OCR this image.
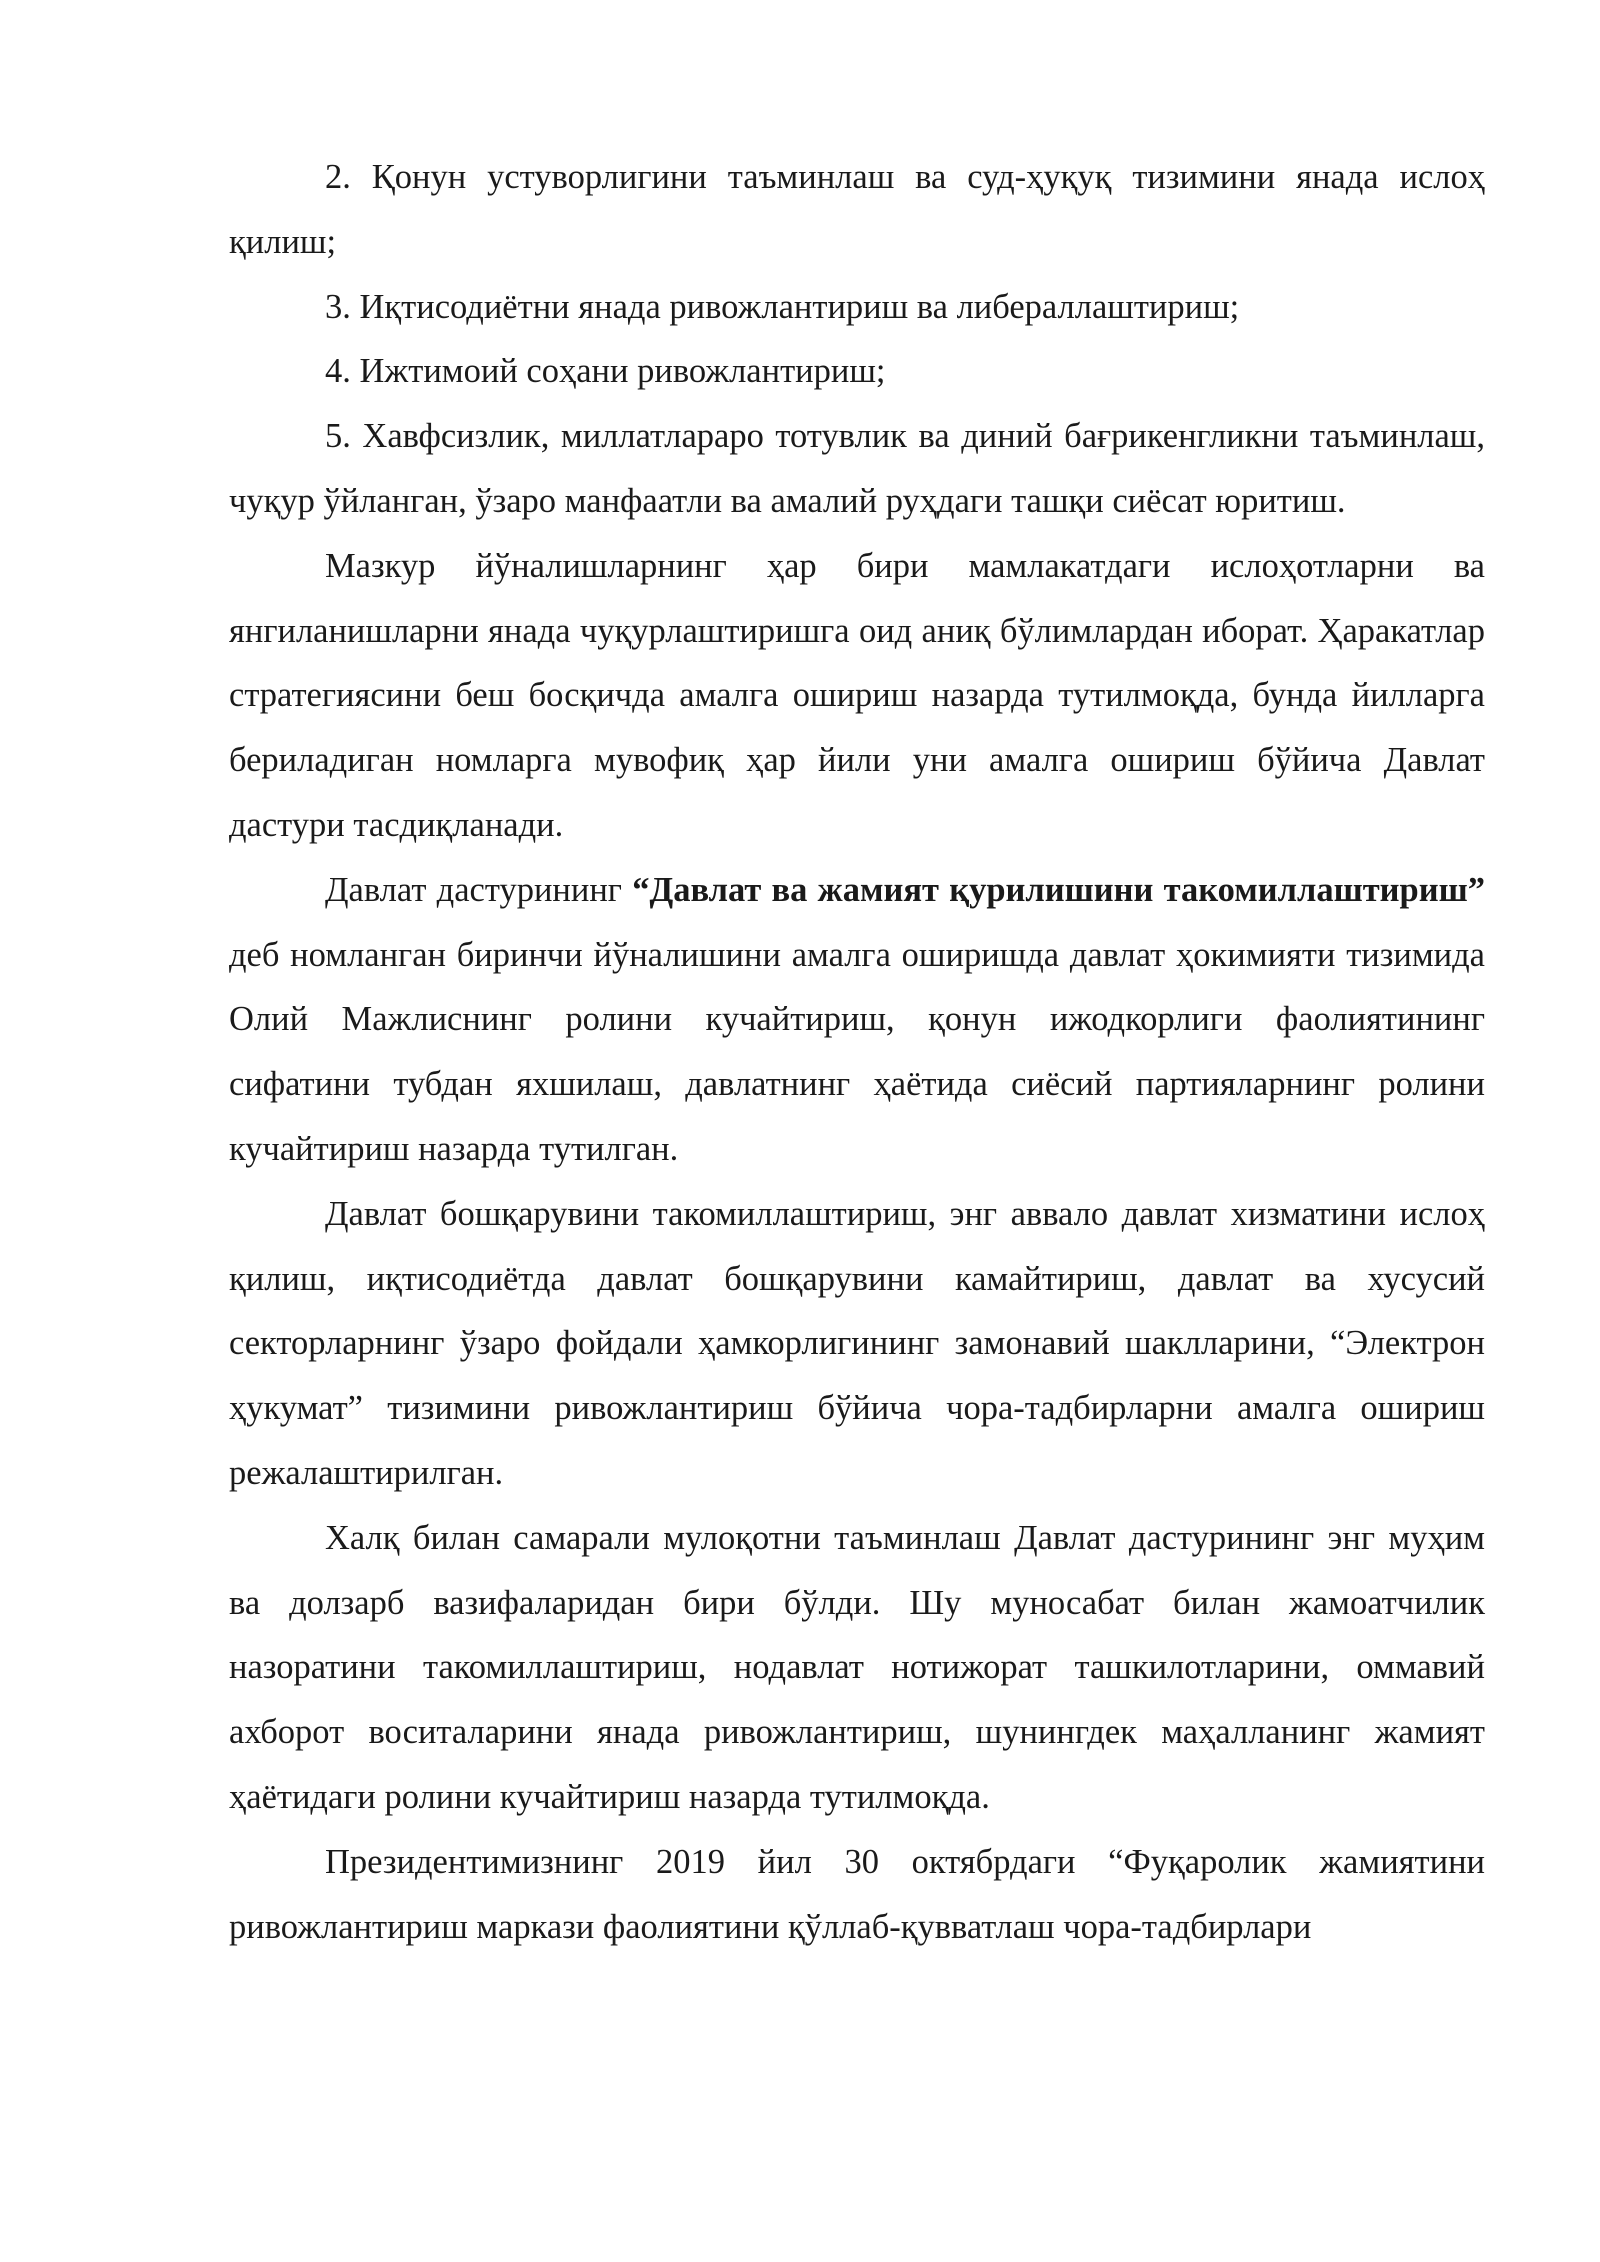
2. Қонун устуворлигини таъминлаш ва суд-ҳуқуқ тизимини янада ислоҳ қилиш;

3. Иқтисодиётни янада ривожлантириш ва либераллаштириш;

4. Ижтимоий соҳани ривожлантириш;

5. Хавфсизлик, миллатлараро тотувлик ва диний бағрикенгликни таъминлаш, чуқур ўйланган, ўзаро манфаатли ва амалий руҳдаги ташқи сиёсат юритиш.

Мазкур йўналишларнинг ҳар бири мамлакатдаги ислоҳотларни ва янгиланишларни янада чуқурлаштиришга оид аниқ бўлимлардан иборат. Ҳаракатлар стратегиясини беш босқичда амалга ошириш назарда тутилмоқда, бунда йилларга бериладиган номларга мувофиқ ҳар йили уни амалга ошириш бўйича Давлат дастури тасдиқланади.

Давлат дастурининг “Давлат ва жамият қурилишини такомиллаштириш” деб номланган биринчи йўналишини амалга оширишда давлат ҳокимияти тизимида Олий Мажлиснинг ролини кучайтириш, қонун ижодкорлиги фаолиятининг сифатини тубдан яхшилаш, давлатнинг ҳаётида сиёсий партияларнинг ролини кучайтириш назарда тутилган.

Давлат бошқарувини такомиллаштириш, энг аввало давлат хизматини ислоҳ қилиш, иқтисодиётда давлат бошқарувини камайтириш, давлат ва хусусий секторларнинг ўзаро фойдали ҳамкорлигининг замонавий шаклларини, “Электрон ҳукумат” тизимини ривожлантириш бўйича чора-тадбирларни амалга ошириш режалаштирилган.

Халқ билан самарали мулоқотни таъминлаш Давлат дастурининг энг муҳим ва долзарб вазифаларидан бири бўлди. Шу муносабат билан жамоатчилик назоратини такомиллаштириш, нодавлат нотижорат ташкилотларини, оммавий ахборот воситаларини янада ривожлантириш, шунингдек маҳалланинг жамият ҳаётидаги ролини кучайтириш назарда тутилмоқда.

Президентимизнинг 2019 йил 30 октябрдаги “Фуқаролик жамиятини ривожлантириш маркази фаолиятини қўллаб-қувватлаш чора-тадбирлари
